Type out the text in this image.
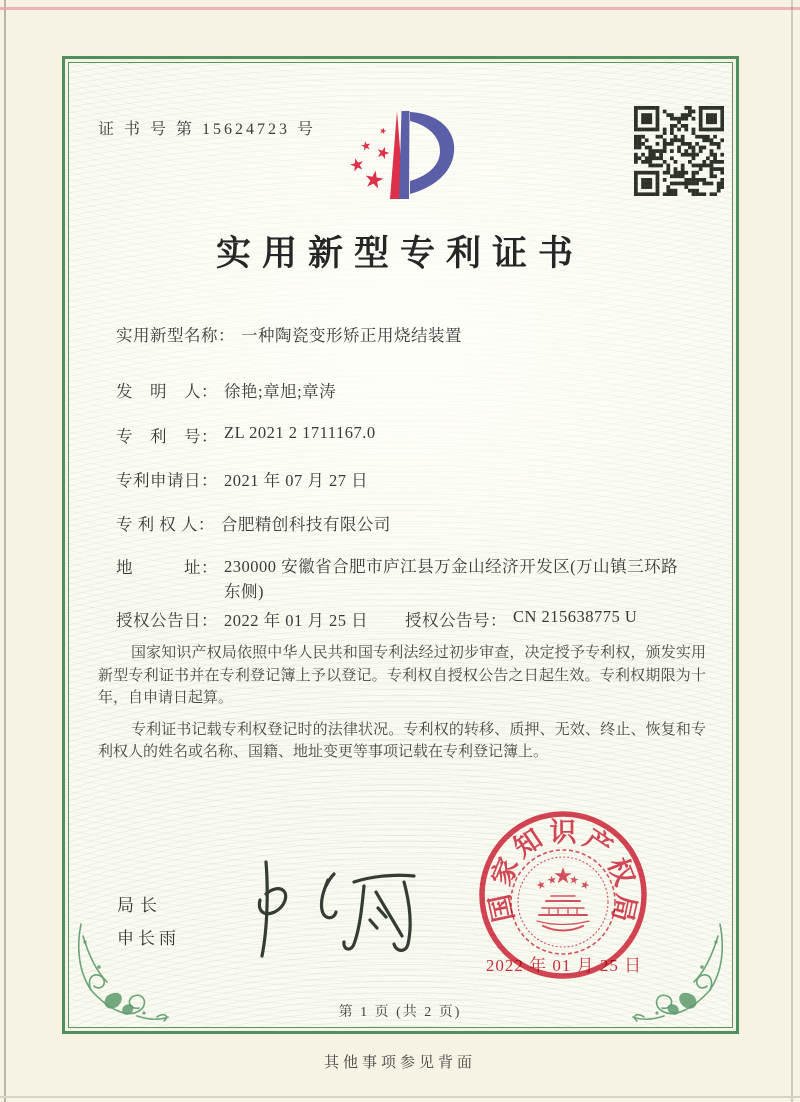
证 书 号 第 15624723 号
实用新型专利证书
实用新型名称： 一种陶瓷变形矫正用烧结装置
发　明　人： 徐艳;章旭;章涛
专　利　号： ZL 2021 2 1711167.0
专利申请日： 2021 年 07 月 27 日
专 利 权 人： 合肥精创科技有限公司
地　　　址： 230000 安徽省合肥市庐江县万金山经济开发区(万山镇三环路东侧)
授权公告日： 2022 年 01 月 25 日 授权公告号： CN 215638775 U

国家知识产权局依照中华人民共和国专利法经过初步审查，决定授予专利权，颁发实用新型专利证书并在专利登记簿上予以登记。专利权自授权公告之日起生效。专利权期限为十年，自申请日起算。

专利证书记载专利权登记时的法律状况。专利权的转移、质押、无效、终止、恢复和专利权人的姓名或名称、国籍、地址变更等事项记载在专利登记簿上。

局长
申长雨
国
家
知 识 产
权
局
2022 年 01 月 25 日
第 1 页 (共 2 页)
其他事项参见背面
